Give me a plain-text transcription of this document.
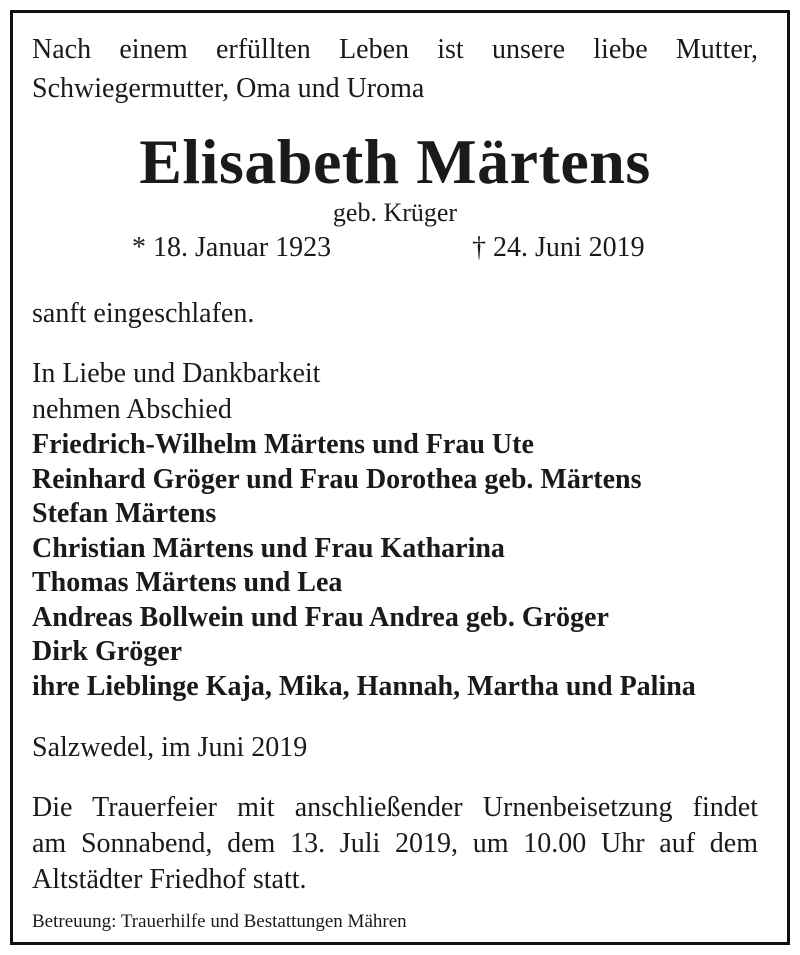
Nach einem erfüllten Leben ist unsere liebe Mutter,
Schwiegermutter, Oma und Uroma

Elisabeth Märtens

geb. Krüger

* 18. Januar 1923	† 24. Juni 2019

sanft eingeschlafen.

In Liebe und Dankbarkeit
nehmen Abschied
Friedrich-Wilhelm Märtens und Frau Ute
Reinhard Gröger und Frau Dorothea geb. Märtens
Stefan Märtens
Christian Märtens und Frau Katharina
Thomas Märtens und Lea
Andreas Bollwein und Frau Andrea geb. Gröger
Dirk Gröger
ihre Lieblinge Kaja, Mika, Hannah, Martha und Palina

Salzwedel, im Juni 2019

Die Trauerfeier mit anschließender Urnenbeisetzung findet
am Sonnabend, dem 13. Juli 2019, um 10.00 Uhr auf dem
Altstädter Friedhof statt.

Betreuung: Trauerhilfe und Bestattungen Mähren
